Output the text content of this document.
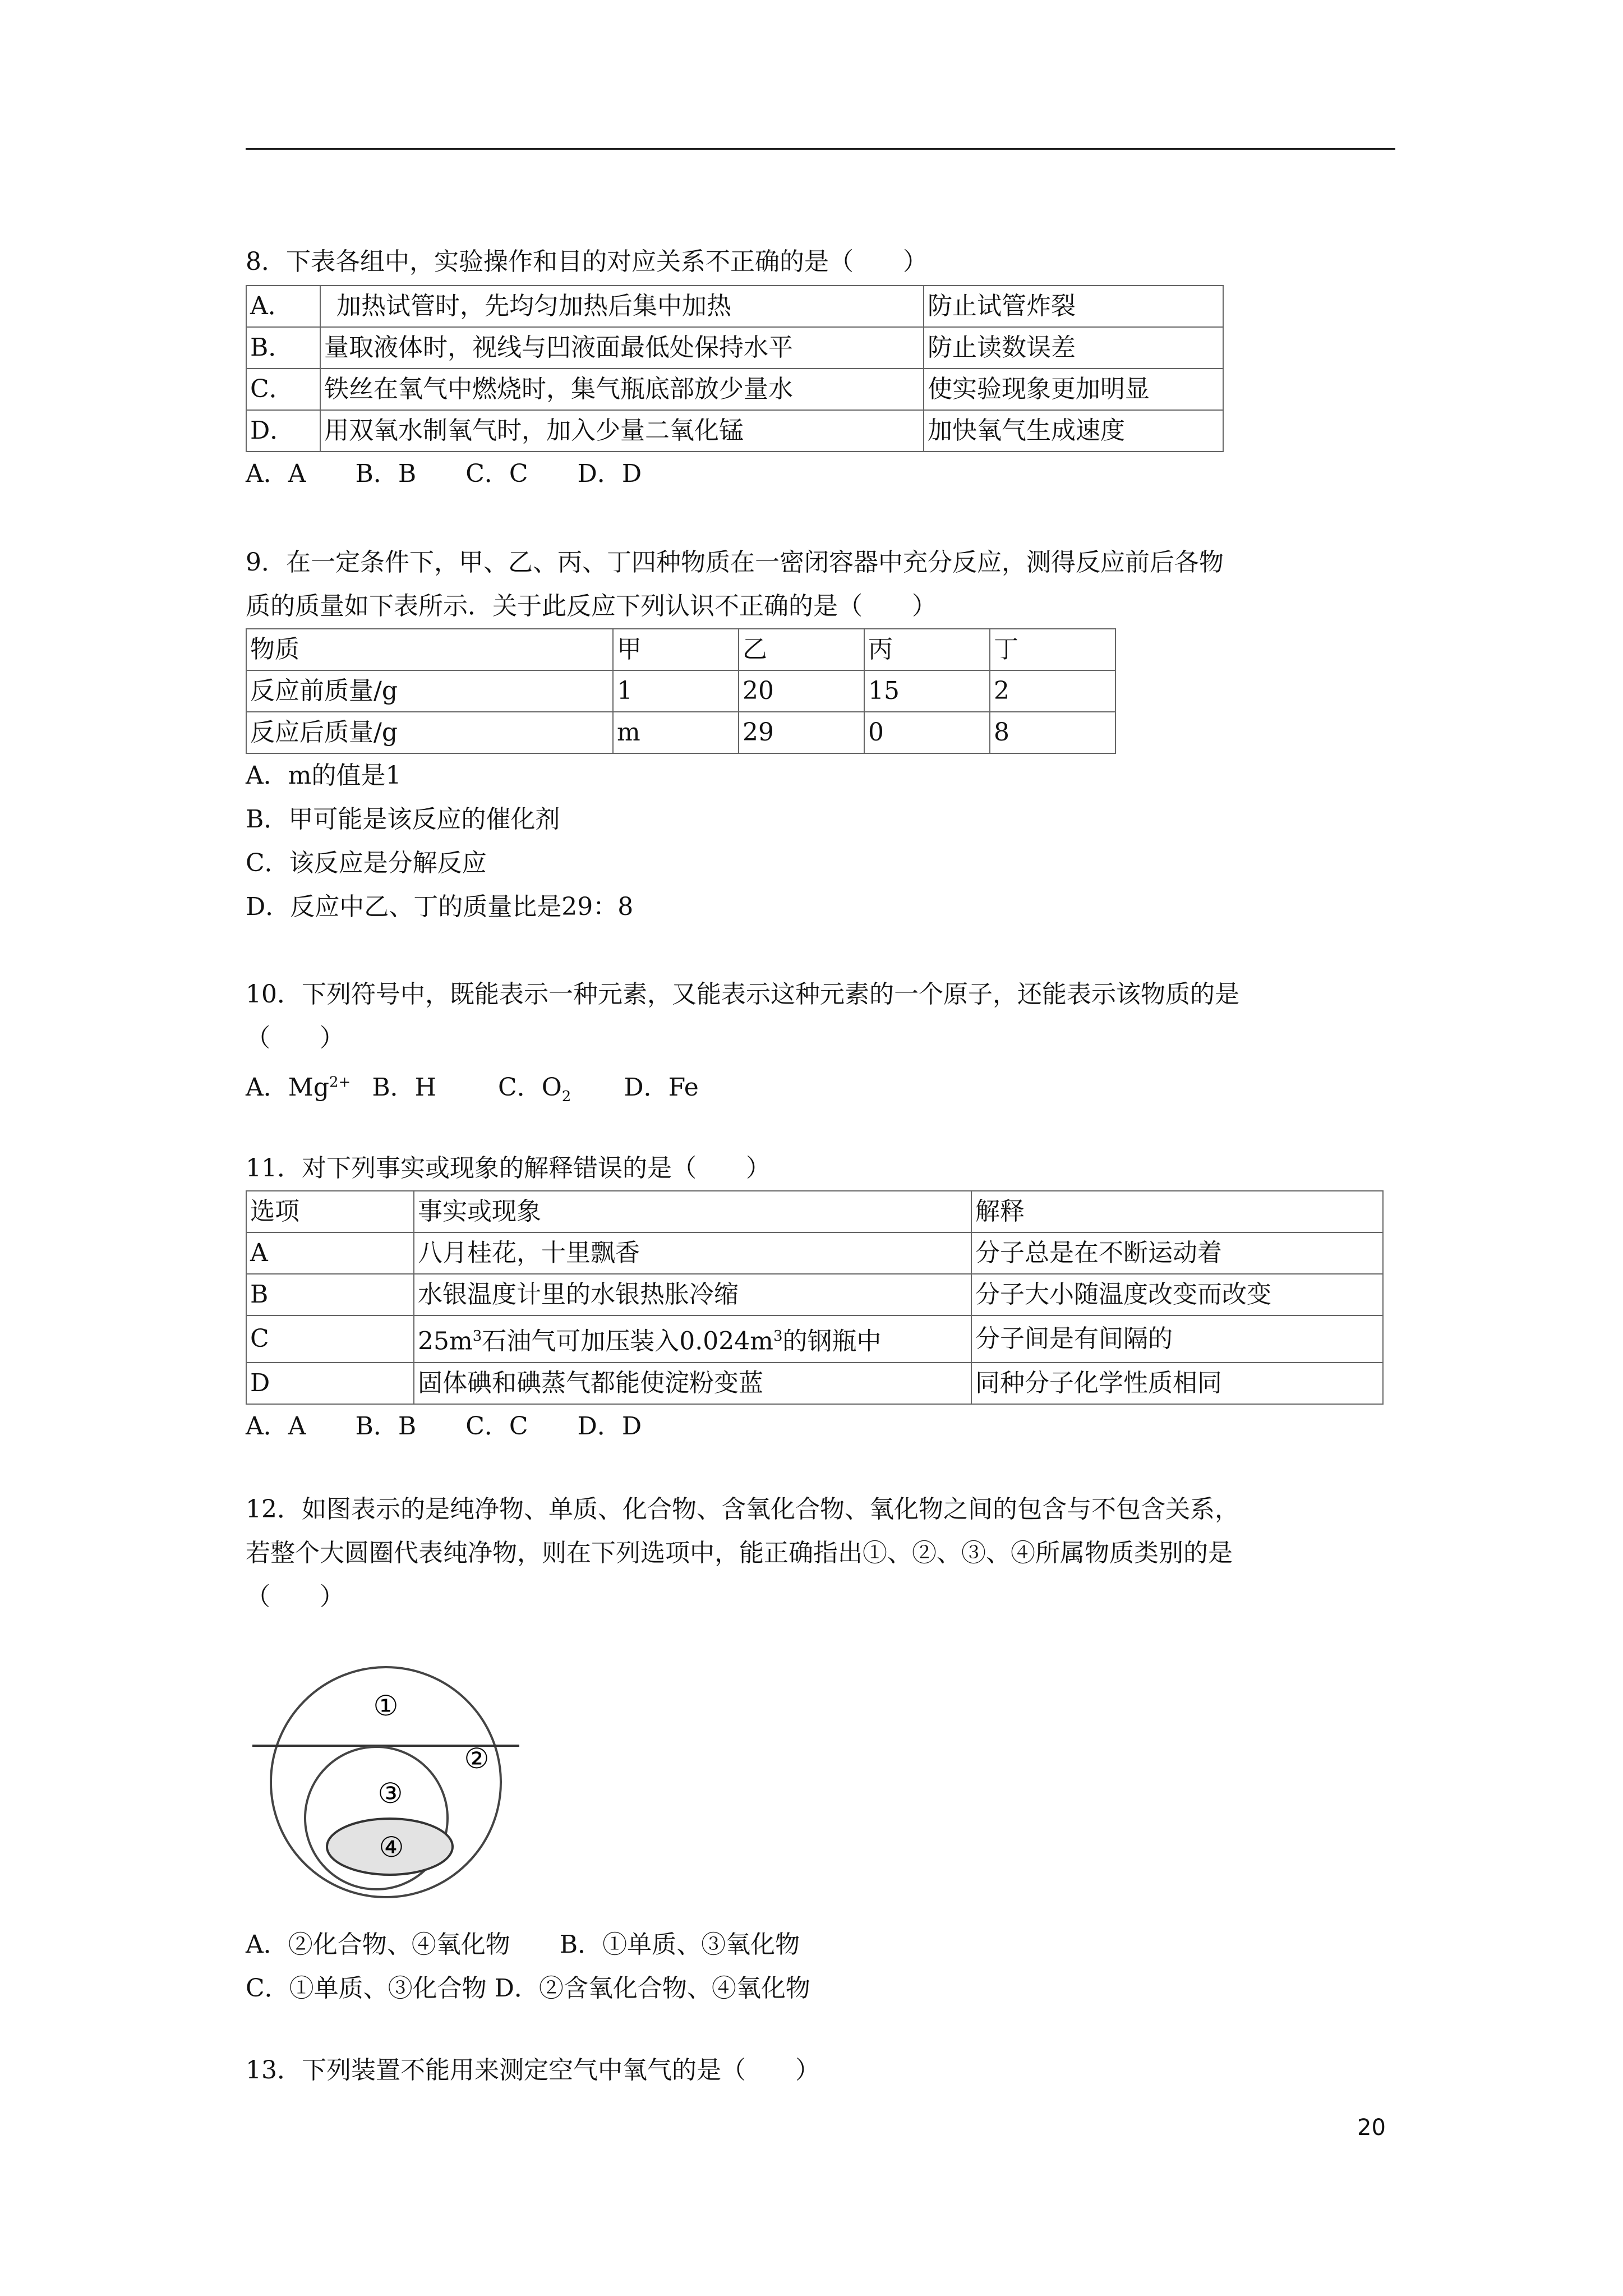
8．下表各组中，实验操作和目的对应关系不正确的是（　　）
A．	加热试管时，先均匀加热后集中加热	防止试管炸裂
B．	量取液体时，视线与凹液面最低处保持水平	防止读数误差
C．	铁丝在氧气中燃烧时，集气瓶底部放少量水	使实验现象更加明显
D．	用双氧水制氧气时，加入少量二氧化锰	加快氧气生成速度
A．A　　B．B　　C．C　　D．D
9．在一定条件下，甲、乙、丙、丁四种物质在一密闭容器中充分反应，测得反应前后各物
质的质量如下表所示．关于此反应下列认识不正确的是（　　）
物质	甲	乙	丙	丁
反应前质量/g	1	20	15	2
反应后质量/g	m	29	0	8
A．m的值是1
B．甲可能是该反应的催化剂
C．该反应是分解反应
D．反应中乙、丁的质量比是29：8
10．下列符号中，既能表示一种元素，又能表示这种元素的一个原子，还能表示该物质的是
（　　）
A．$Mg^{2+}$ B．H	C．$O_2$ D．Fe
11．对下列事实或现象的解释错误的是（　　）
选项	事实或现象	解释
A	八月桂花，十里飘香	分子总是在不断运动着
B	水银温度计里的水银热胀冷缩	分子大小随温度改变而改变
C	$25m^3$石油气可加压装入$0.024m^3$的钢瓶中	分子间是有间隔的
D	固体碘和碘蒸气都能使淀粉变蓝	同种分子化学性质相同
A．A　　B．B　　C．C　　D．D
12．如图表示的是纯净物、单质、化合物、含氧化合物、氧化物之间的包含与不包含关系，
若整个大圆圈代表纯净物，则在下列选项中，能正确指出①、②、③、④所属物质类别的是
（　　）
①
②
③
④
A．②化合物、④氧化物　　B．①单质、③氧化物
C．①单质、③化合物 D．②含氧化合物、④氧化物
13．下列装置不能用来测定空气中氧气的是（　　）
20
